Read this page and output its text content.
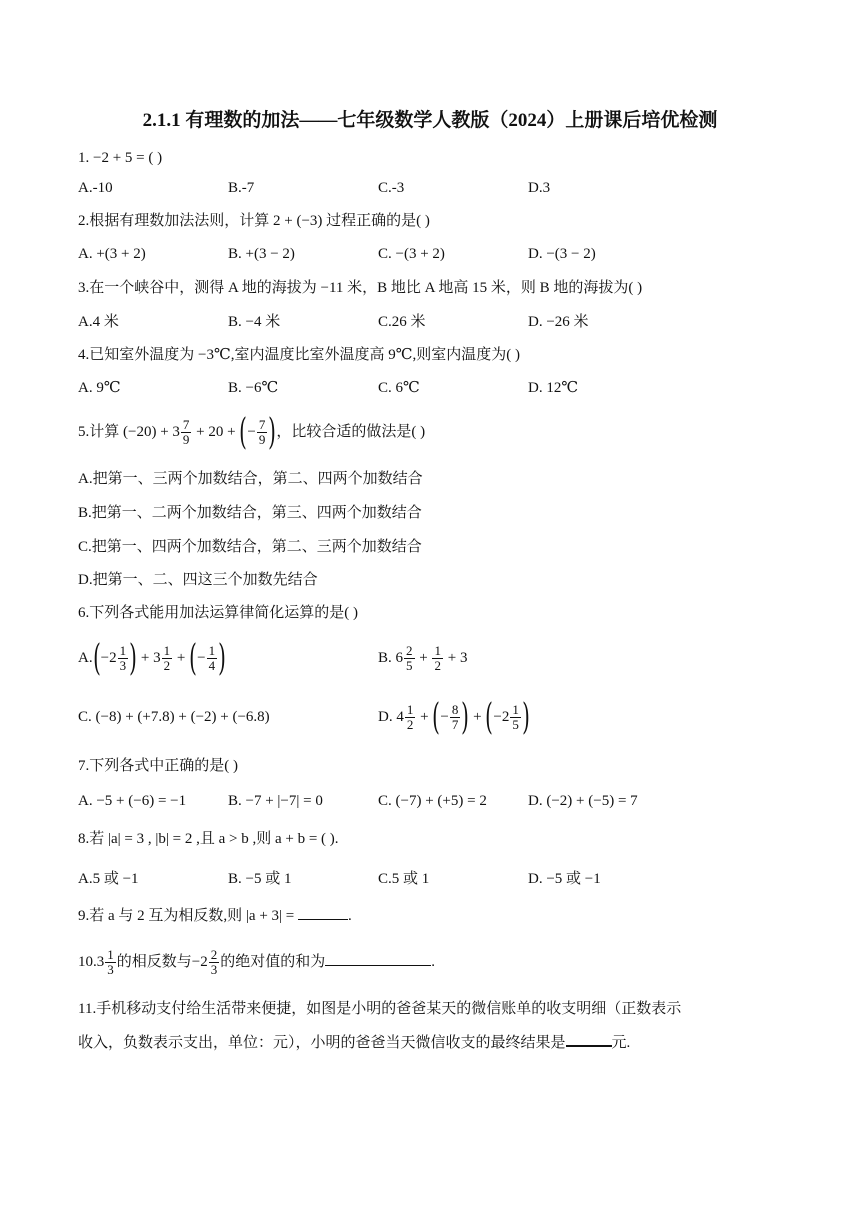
2.1.1 有理数的加法——七年级数学人教版（2024）上册课后培优检测
1. −2 + 5 = ( )
A.-10	B.-7	C.-3	D.3
2.根据有理数加法法则，计算 2 + (−3) 过程正确的是( )
A. +(3 + 2)	B. +(3 − 2)	C. −(3 + 2)	D. −(3 − 2)
3.在一个峡谷中，测得 A 地的海拔为 −11 米，B 地比 A 地高 15 米，则 B 地的海拔为( )
A.4 米	B. −4 米	C.26 米	D. −26 米
4.已知室外温度为 −3℃,室内温度比室外温度高 9℃,则室内温度为( )
A. 9℃	B. −6℃	C. 6℃	D. 12℃
5.计算 $(-20) + 3 \frac{7}{9} + 20$ + (− $\frac{7}{9}$ )，比较合适的做法是( )
A.把第一、三两个加数结合，第二、四两个加数结合
B.把第一、二两个加数结合，第三、四两个加数结合
C.把第一、四两个加数结合，第二、三两个加数结合
D.把第一、二、四这三个加数先结合
6.下列各式能用加法运算律简化运算的是( )
$A.(-2 \frac{1}{3}$ ) + $3 \frac{1}{2}$ + (− $\frac{1}{4}$ )	B. $6 \frac{2}{5} + \frac{1}{2} + 3$
C. (−8) + (+7.8) + (−2) + (−6.8)	D. $4 \frac{1}{2}$ + (− $\frac{8}{7}$ ) + ($-2 \frac{1}{5}$ )
7.下列各式中正确的是( )
A. −5 + (−6) = −1	B. −7 + |−7| = 0	C. (−7) + (+5) = 2	D. (−2) + (−5) = 7
8.若 |a| = 3 , |b| = 2 ,且 a > b ,则 a + b = ( ).
A.5 或 −1	B. −5 或 1	C.5 或 1	D. −5 或 −1
9.若 a 与 2 互为相反数,则 |a + 3| =	.
$10.3 \frac{1}{3}$ 的相反数与$-2 \frac{2}{3}$ 的绝对值的和为	.
11.手机移动支付给生活带来便捷，如图是小明的爸爸某天的微信账单的收支明细（正数表示
收入，负数表示支出，单位：元），小明的爸爸当天微信收支的最终结果是	元.
